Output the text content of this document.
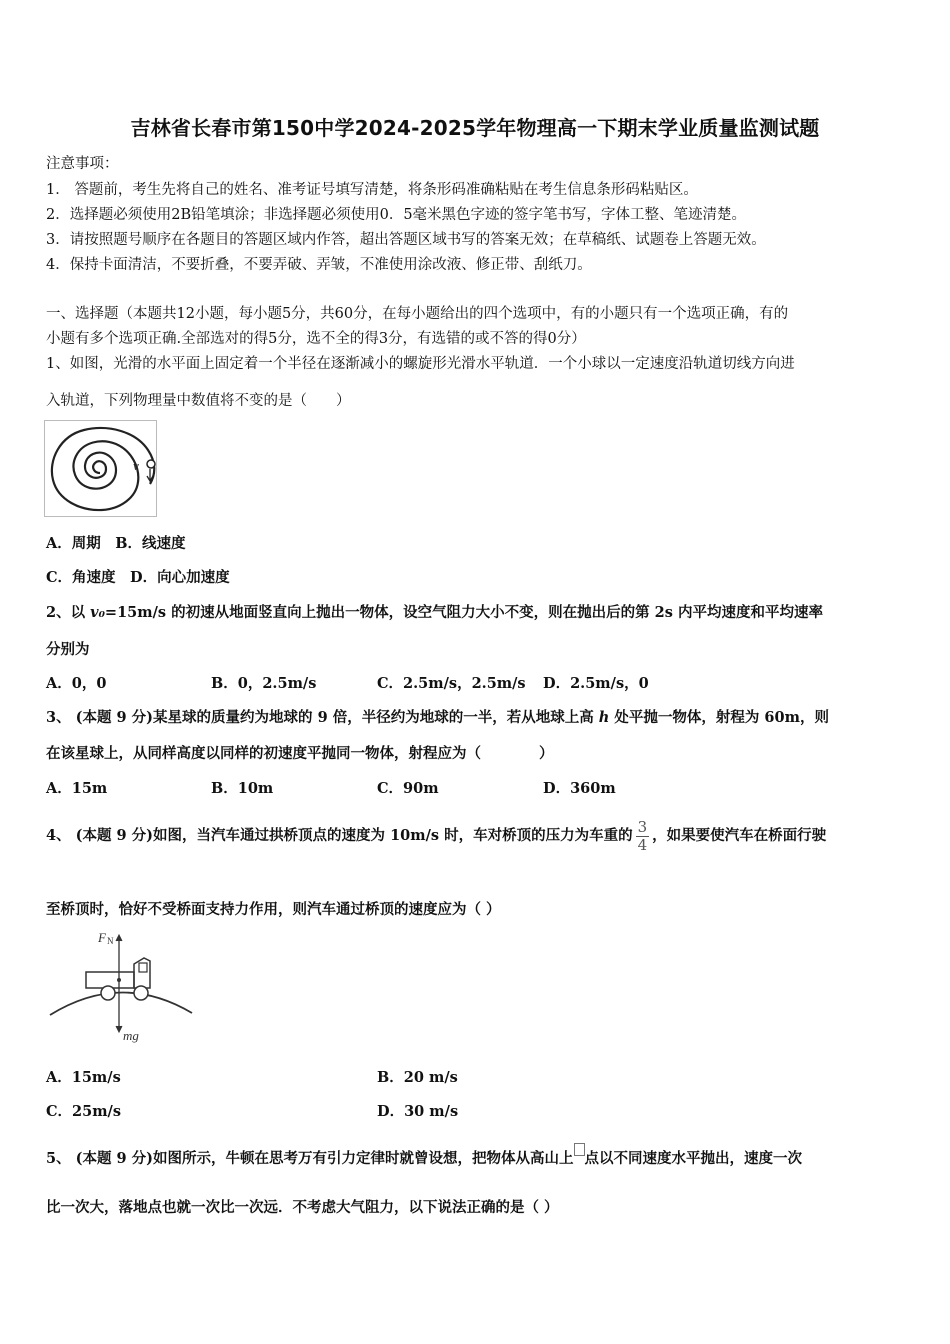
吉林省长春市第150中学2024-2025学年物理高一下期末学业质量监测试题
注意事项：
1． 答题前，考生先将自己的姓名、准考证号填写清楚，将条形码准确粘贴在考生信息条形码粘贴区。
2．选择题必须使用2B铅笔填涂；非选择题必须使用0．5毫米黑色字迹的签字笔书写，字体工整、笔迹清楚。
3．请按照题号顺序在各题目的答题区域内作答，超出答题区域书写的答案无效；在草稿纸、试题卷上答题无效。
4．保持卡面清洁，不要折叠，不要弄破、弄皱，不准使用涂改液、修正带、刮纸刀。
一、选择题（本题共12小题，每小题5分，共60分，在每小题给出的四个选项中，有的小题只有一个选项正确，有的
小题有多个选项正确.全部选对的得5分，选不全的得3分，有选错的或不答的得0分）
1、如图，光滑的水平面上固定着一个半径在逐渐减小的螺旋形光滑水平轨道．一个小球以一定速度沿轨道切线方向进
入轨道，下列物理量中数值将不变的是（　　）
v
A．周期　B．线速度
C．角速度　D．向心加速度
2、以 v₀=15m/s 的初速从地面竖直向上抛出一物体，设空气阻力大小不变，则在抛出后的第 2s 内平均速度和平均速率
分别为
A．0，0	B．0，2.5m/s	C．2.5m/s，2.5m/s D．2.5m/s，0
3、 (本题 9 分)某星球的质量约为地球的 9 倍，半径约为地球的一半，若从地球上高 h 处平抛一物体，射程为 60m，则
在该星球上，从同样高度以同样的初速度平抛同一物体，射程应为（　　　　）
A．15m	B．10m	C．90m	D．360m
4、 (本题 9 分)如图，当汽车通过拱桥顶点的速度为 10m/s 时，车对桥顶的压力为车重的 $\frac{3}{4}$ ，如果要使汽车在桥面行驶
至桥顶时，恰好不受桥面支持力作用，则汽车通过桥顶的速度应为（ ）
F N
mg
A．15m/s	B．20 m/s
C．25m/s	D．30 m/s
5、 (本题 9 分)如图所示，牛顿在思考万有引力定律时就曾设想，把物体从高山上 点以不同速度水平抛出，速度一次
比一次大，落地点也就一次比一次远．不考虑大气阻力，以下说法正确的是（ ）
